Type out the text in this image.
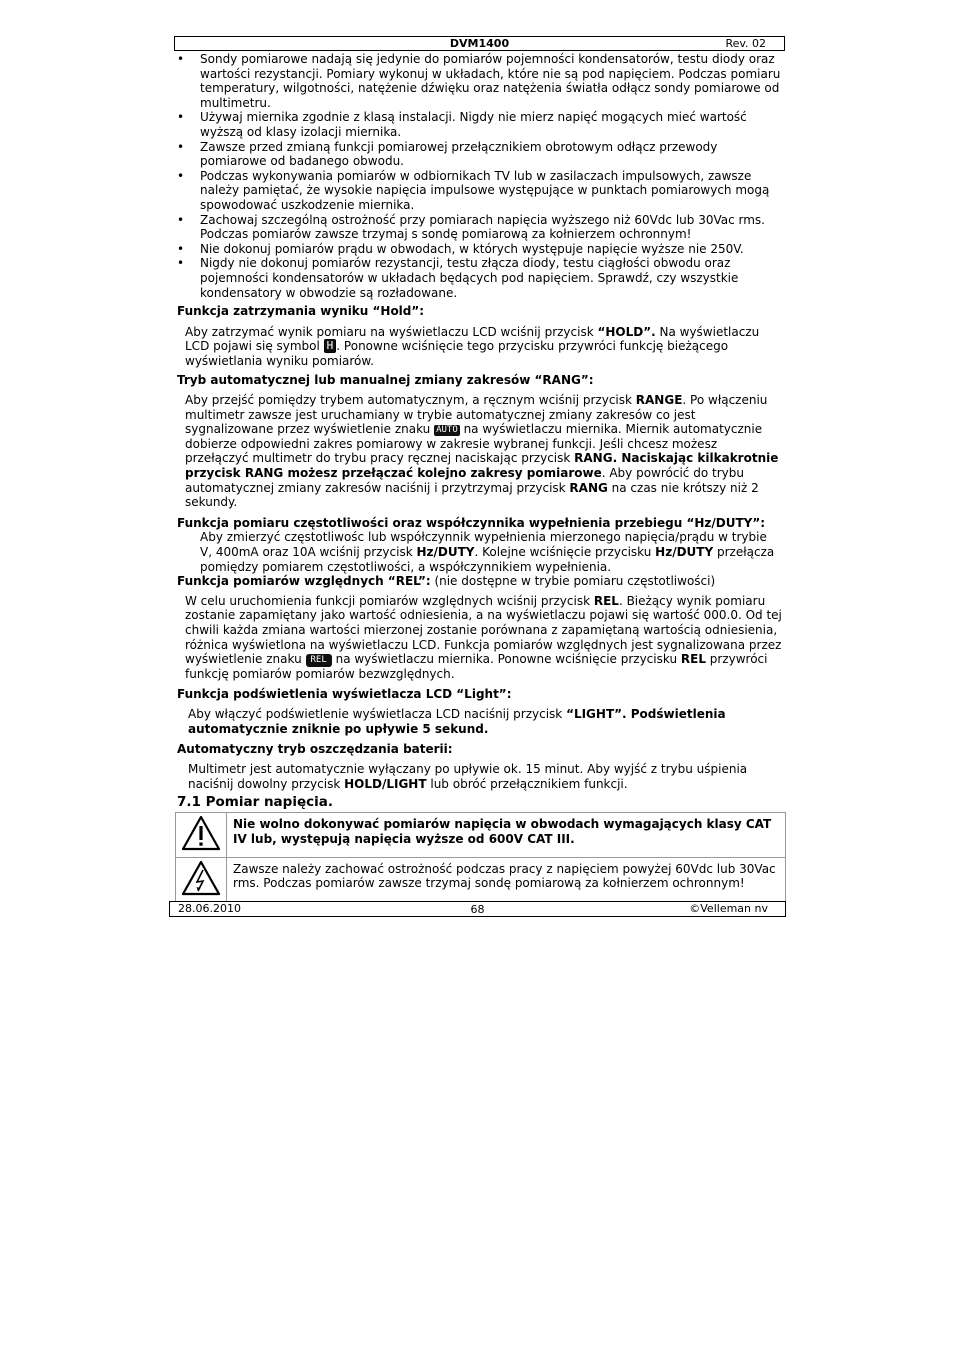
DVM1400	Rev. 02
• Sondy pomiarowe nadają się jedynie do pomiarów pojemności kondensatorów, testu diody oraz wartości rezystancji. Pomiary wykonuj w układach, które nie są pod napięciem. Podczas pomiaru temperatury, wilgotności, natężenie dźwięku oraz natężenia światła odłącz sondy pomiarowe od multimetru.
• Używaj miernika zgodnie z klasą instalacji. Nigdy nie mierz napięć mogących mieć wartość wyższą od klasy izolacji miernika.
• Zawsze przed zmianą funkcji pomiarowej przełącznikiem obrotowym odłącz przewody pomiarowe od badanego obwodu.
• Podczas wykonywania pomiarów w odbiornikach TV lub w zasilaczach impulsowych, zawsze należy pamiętać, że wysokie napięcia impulsowe występujące w punktach pomiarowych mogą spowodować uszkodzenie miernika.
• Zachowaj szczególną ostrożność przy pomiarach napięcia wyższego niż 60Vdc lub 30Vac rms. Podczas pomiarów zawsze trzymaj s sondę pomiarową za kołnierzem ochronnym!
• Nie dokonuj pomiarów prądu w obwodach, w których występuje napięcie wyższe nie 250V.
• Nigdy nie dokonuj pomiarów rezystancji, testu złącza diody, testu ciągłości obwodu oraz pojemności kondensatorów w układach będących pod napięciem. Sprawdź, czy wszystkie kondensatory w obwodzie są rozładowane.
Funkcja zatrzymania wyniku “Hold”:

Aby zatrzymać wynik pomiaru na wyświetlaczu LCD wciśnij przycisk “HOLD”. Na wyświetlaczu LCD pojawi się symbol H . Ponowne wciśnięcie tego przycisku przywróci funkcję bieżącego wyświetlania wyniku pomiarów.

Tryb automatycznej lub manualnej zmiany zakresów “RANG”:

Aby przejść pomiędzy trybem automatycznym, a ręcznym wciśnij przycisk RANGE. Po włączeniu multimetr zawsze jest uruchamiany w trybie automatycznej zmiany zakresów co jest sygnalizowane przez wyświetlenie znaku AUTO na wyświetlaczu miernika. Miernik automatycznie dobierze odpowiedni zakres pomiarowy w zakresie wybranej funkcji. Jeśli chcesz możesz przełączyć multimetr do trybu pracy ręcznej naciskając przycisk RANG. Naciskając kilkakrotnie przycisk RANG możesz przełączać kolejno zakresy pomiarowe. Aby powrócić do trybu automatycznej zmiany zakresów naciśnij i przytrzymaj przycisk RANG na czas nie krótszy niż 2 sekundy.

Funkcja pomiaru częstotliwości oraz współczynnika wypełnienia przebiegu “Hz/DUTY”:

Aby zmierzyć częstotliwośc lub współczynnik wypełnienia mierzonego napięcia/prądu w trybie V, 400mA oraz 10A wciśnij przycisk Hz/DUTY. Kolejne wciśnięcie przycisku Hz/DUTY przełącza pomiędzy pomiarem częstotliwości, a współczynnikiem wypełnienia.

Funkcja pomiarów względnych “REL”: (nie dostępne w trybie pomiaru częstotliwości)

W celu uruchomienia funkcji pomiarów względnych wciśnij przycisk REL. Bieżący wynik pomiaru zostanie zapamiętany jako wartość odniesienia, a na wyświetlaczu pojawi się wartość 000.0. Od tej chwili każda zmiana wartości mierzonej zostanie porównana z zapamiętaną wartością odniesienia, różnica wyświetlona na wyświetlaczu LCD. Funkcja pomiarów względnych jest sygnalizowana przez wyświetlenie znaku REL na wyświetlaczu miernika. Ponowne wciśnięcie przycisku REL przywróci funkcję pomiarów pomiarów bezwzględnych.

Funkcja podświetlenia wyświetlacza LCD “Light”:

Aby włączyć podświetlenie wyświetlacza LCD naciśnij przycisk “LIGHT”. Podświetlenia automatycznie zniknie po upływie 5 sekund.

Automatyczny tryb oszczędzania baterii:

Multimetr jest automatycznie wyłączany po upływie ok. 15 minut. Aby wyjść z trybu uśpienia naciśnij dowolny przycisk HOLD/LIGHT lub obróć przełącznikiem funkcji.

7.1 Pomiar napięcia.
	Nie wolno dokonywać pomiarów napięcia w obwodach wymagających klasy CAT IV lub, występują napięcia wyższe od 600V CAT III.
	Zawsze należy zachować ostrożność podczas pracy z napięciem powyżej 60Vdc lub 30Vac rms. Podczas pomiarów zawsze trzymaj sondę pomiarową za kołnierzem ochronnym!
28.06.2010	68	©Velleman nv
